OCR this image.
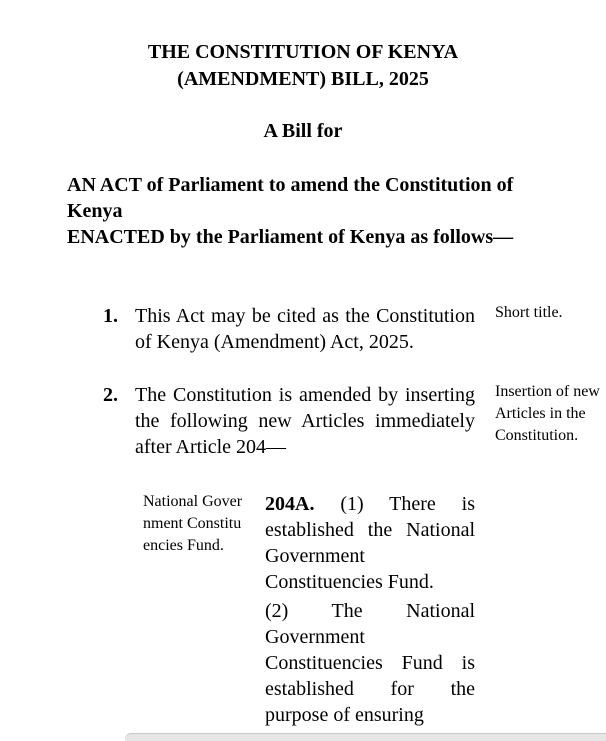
THE CONSTITUTION OF KENYA
(AMENDMENT) BILL, 2025
A Bill for
AN ACT of Parliament to amend the Constitution of
Kenya
ENACTED by the Parliament of Kenya as follows—
1. This Act may be cited as the Constitution of Kenya (Amendment) Act, 2025.
Short title.
2. The Constitution is amended by inserting the following new Articles immediately after Article 204—
Insertion of new Articles in the Constitution.
National Government Constituencies Fund.

204A. (1) There is established the National Government Constituencies Fund.

(2) The National Government Constituencies Fund is established for the purpose of ensuring
